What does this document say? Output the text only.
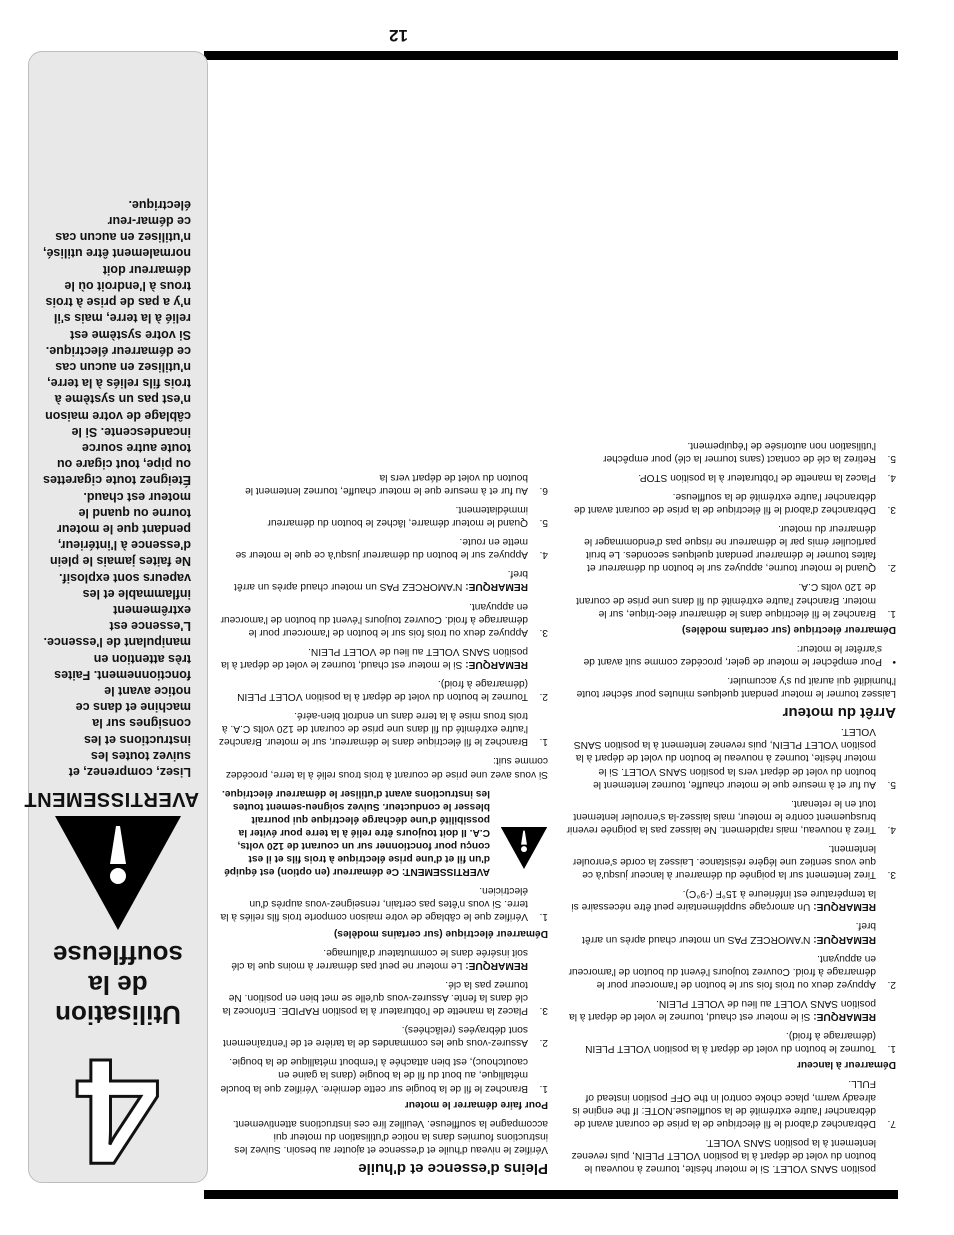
4
Utilisation de la souffleuse
AVERTISSEMENT
Lisez, comprenez, et suivez toutes les instructions et les consignes sur la machine et dans ce notice avant le fonctionnement. Faites très attention en manipulant de l'essence. L'essence est extrêmement inflammable et les vapeurs sont explosif. Ne faites jamais le plein d'essence à l'intérieur, pendant que le moteur tourne ou quand le moteur est chaud. Éteignez toute cigarettes ou pipe, tout cigare ou toute autre source incandescente. Si le câblage de votre maison n'est pas un système à trois fils reliés à la terre, n'utilisez en aucun cas ce démarreur électrique. Si votre système est relié à la terre, mais s'il n'y a pas de prise à trois trous à l'endroit où le démarreur doit normalement être utilisé, n'utilisez en aucun cas ce démar-reur électrique.
Pleins d'essence et d'huile
Vérifiez le niveau d'huile et d'essence et ajouter au besoin. Suivez les instructions fournies dans la notice d'utilisation du moteur qui accompagne la souffleuse. Veuillez lire ces instructions attentivement.
Pour faire démarrer le moteur
1.
Branchez le fil de la bougie sur cette dernière. Vérifiez que la boucle métallique, au bout du fil de la bougie (dans la gaine en caoutchouc), est bien attachée à l'embout métallique de la bougie.
2.
Assurez-vous que les commandes de la tarière et de l'entraînement sont débrayées (relâchées).
3.
Placez la manette de l'obturateur à la position RAPIDE. Enfoncez la clé dans la fente. Assurez-vous qu'elle se met bien en position. Ne tournez pas la clé.
REMARQUE: Le moteur ne peut pas démarrer à moins que la clé soit insérée dans le commutateur d'allumage.
Démarreur électrique (sur certains modèles)
1.
Vérifiez que le câblage de votre maison comporte trois fils reliés à la terre. Si vous n'êtes pas certain, renseignez-vous auprès d'un électricien.
AVERTISSEMENT: Ce démarreur (en option) est équipé d'un fil et d'une prise électrique à trois fils et il est conçu pour fonctionner sur un courant de 120 volts, C.A. Il doit toujours être relié à la terre pour éviter la possibilité d'une décharge électrique qui pourrait blesser le conducteur. Suivez soigneu-sement toutes les instructions avant d'utiliser le démarreur électrique.
Si vous avez une prise de courant à trois trous relié à la terre, procédez comme suit:
1.
Branchez le fil électrique dans le démarreur, sur le moteur. Branchez l'autre extrémité du fil dans une prise de courant de 120 volts C.A. à trois trous mise à la terre dans un endroit bien-aéré.
2.
Tournez le bouton du volet de départ à la position VOLET PLEIN (démarrage à froid).
REMARQUE: Si le moteur est chaud, tournez le volet de départ à la position SANS VOLET au lieu de VOLET PLEIN.
3.
Appuyez deux ou trois fois sur le bouton de l'amorceur pour le démarrage à froid. Couvrez toujours l'évent du bouton de l'amorceur en appuyant.
REMARQUE: N'AMORCEZ PAS un moteur chaud après un arrêt bref.
4.
Appuyez sur le bouton du démarreur jusqu'à ce que le moteur se mette en route.
5.
Quand le moteur démarre, lâchez le bouton du démarreur immédiatement.
6.
Au fur et à mesure que le moteur chauffe, tournez lentement le bouton du volet de départ vers la
position SANS VOLET. Si le moteur hésite, tournez à nouveau le bouton du volet de départ à la position VOLET PLEIN, puis revenez lentement à la position SANS VOLET.
7.
Débranchez d'abord le fil électrique de la prise de courant avant de débrancher l'autre extrémité de la souffleuse.NOTE: If the engine is already warm, place choke control in the OFF position instead of FULL.
Démarreur à lanceur
1.
Tournez le bouton du volet de départ à la position VOLET PLEIN (démarrage à froid).
REMARQUE: Si le moteur est chaud, tournez le volet de départ à la position SANS VOLET au lieu de VOLET PLEIN.
2.
Appuyez deux ou trois fois sur le bouton de l'amorceur pour le démarrage à froid. Couvrez toujours l'évent du bouton de l'amorceur en appuyant.
REMARQUE: N'AMORCEZ PAS un moteur chaud après un arrêt bref.
REMARQUE: Un amorçage supplémentaire peut être nécessaire si la température est inférieure à 15°F (-9°C).
3.
Tirez lentement sur la poignée du démarreur à lanceur jusqu'à ce que vous sentiez une légère résistance. Laissez la corde s'enrouler lentement.
4.
Tirez à nouveau, mais rapidement. Ne laissez pas la poignée revenir brusquement contre le moteur, mais laissez-la s'enrouler lentement tout en le retenant.
5.
Au fur et à mesure que le moteur chauffe, tournez lentement le bouton du volet de départ vers la position SANS VOLET. Si le moteur hésite, tournez à nouveau le bouton du volet de départ à la position VOLET PLEIN, puis revenez lentement à la position SANS VOLET.
Arrêt du moteur
Laissez tourner le moteur pendant quelques minutes pour sécher toute l'humidité qui aurait pu s'y accumuler.
•
Pour empêcher le moteur de geler, procédez comme suit avant de s'arrêter le moteur:
Démarreur électrique (sur certains modèles)
1.
Branchez le fil électrique dans le démarreur élec-trique, sur le moteur. Branchez l'autre extrémité du fil dans une prise de courant de 120 volts C.A.
2.
Quand le moteur tourne, appuyez sur le bouton du démarreur et faites tourner le démarreur pendant quelques secondes. Le bruit particulier émis par le démarreur ne risque pas d'endommager le démarreur du moteur.
3.
Débranchez d'abord le fil électrique de la prise de courant avant de débrancher l'autre extrémité de la souffleuse.
4.
Placez la manette de l'obturateur à la position STOP.
5.
Retirez la clé de contact (sans tourner la clé) pour empêcher l'utilisation non autorisée de l'équipement.
12
